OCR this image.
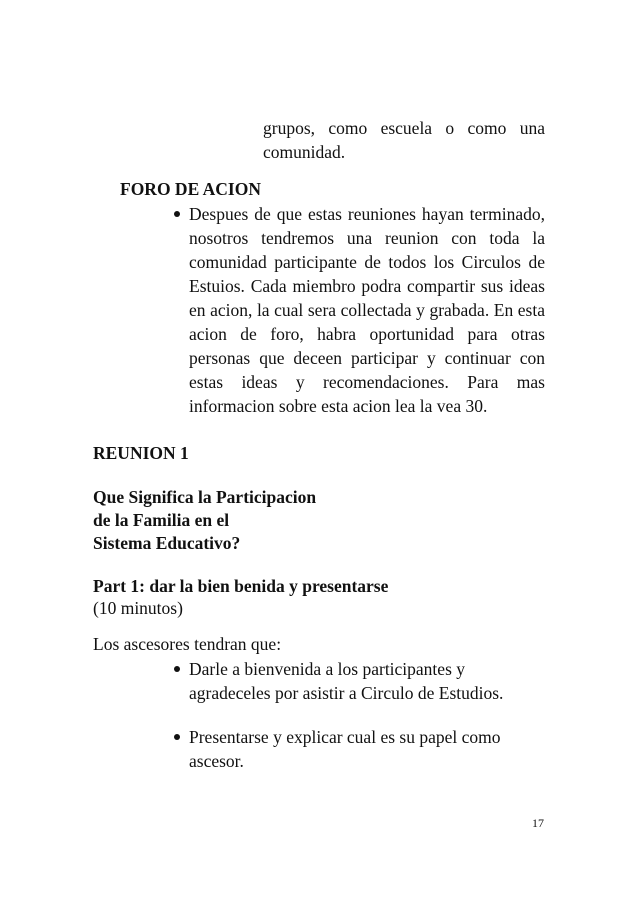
grupos, como escuela o como una
comunidad.
FORO DE ACION
Despues de que estas reuniones hayan terminado, nosotros tendremos una reunion con toda la comunidad participante de todos los Circulos de Estuios. Cada miembro podra compartir sus ideas en acion, la cual sera collectada y grabada. En esta acion de foro, habra oportunidad para otras personas que deceen participar y continuar con estas ideas y recomendaciones. Para mas informacion sobre esta acion lea la vea 30.
REUNION 1
Que Significa la Participacion
de la Familia en el
Sistema Educativo?
Part 1: dar la bien benida y presentarse
(10 minutos)
Los ascesores tendran que:
Darle a bienvenida a los participantes y
agradeceles por asistir a Circulo de Estudios.
Presentarse y explicar cual es su papel como
ascesor.
17
